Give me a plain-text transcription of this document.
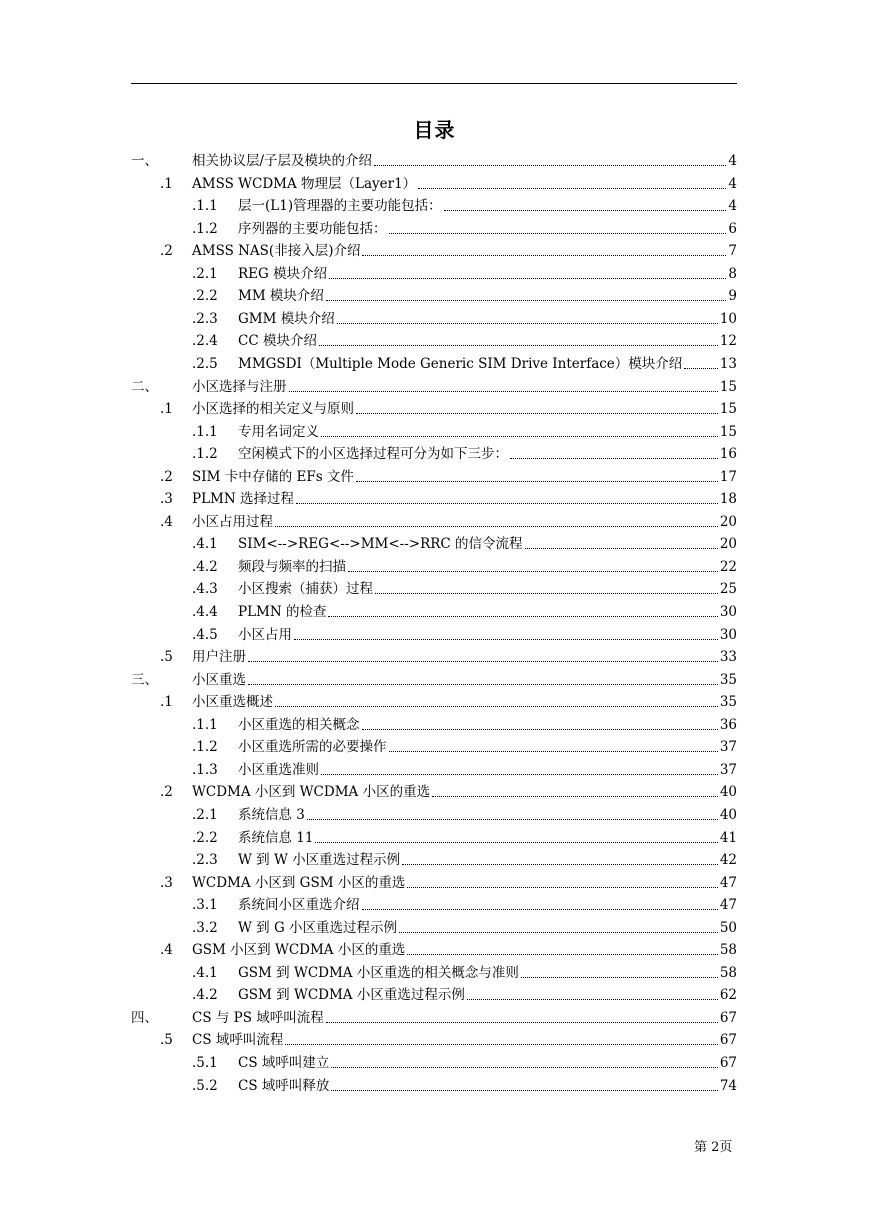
目录
一、	相关协议层/子层及模块的介绍	4
.1 AMSS WCDMA 物理层（Layer1）	4
.1.1 层一(L1)管理器的主要功能包括：	4
.1.2 序列器的主要功能包括：	6
.2 AMSS NAS(非接入层)介绍	7
.2.1 REG 模块介绍	8
.2.2 MM 模块介绍	9
.2.3 GMM 模块介绍	10
.2.4 CC 模块介绍	12
.2.5 MMGSDI（Multiple Mode Generic SIM Drive Interface）模块介绍	13
二、	小区选择与注册	15
.1 小区选择的相关定义与原则	15
.1.1 专用名词定义	15
.1.2 空闲模式下的小区选择过程可分为如下三步：	16
.2 SIM 卡中存储的 EFs 文件	17
.3 PLMN 选择过程	18
.4 小区占用过程	20
.4.1 SIM<-->REG<-->MM<-->RRC 的信令流程	20
.4.2 频段与频率的扫描	22
.4.3 小区搜索（捕获）过程	25
.4.4 PLMN 的检查	30
.4.5 小区占用	30
.5 用户注册	33
三、	小区重选	35
.1 小区重选概述	35
.1.1 小区重选的相关概念	36
.1.2 小区重选所需的必要操作	37
.1.3 小区重选准则	37
.2 WCDMA 小区到 WCDMA 小区的重选	40
.2.1 系统信息 3	40
.2.2 系统信息 11	41
.2.3 W 到 W 小区重选过程示例	42
.3 WCDMA 小区到 GSM 小区的重选	47
.3.1 系统间小区重选介绍	47
.3.2 W 到 G 小区重选过程示例	50
.4 GSM 小区到 WCDMA 小区的重选	58
.4.1 GSM 到 WCDMA 小区重选的相关概念与准则	58
.4.2 GSM 到 WCDMA 小区重选过程示例	62
四、	CS 与 PS 域呼叫流程	67
.5 CS 域呼叫流程	67
.5.1 CS 域呼叫建立	67
.5.2 CS 域呼叫释放	74
第 2页
